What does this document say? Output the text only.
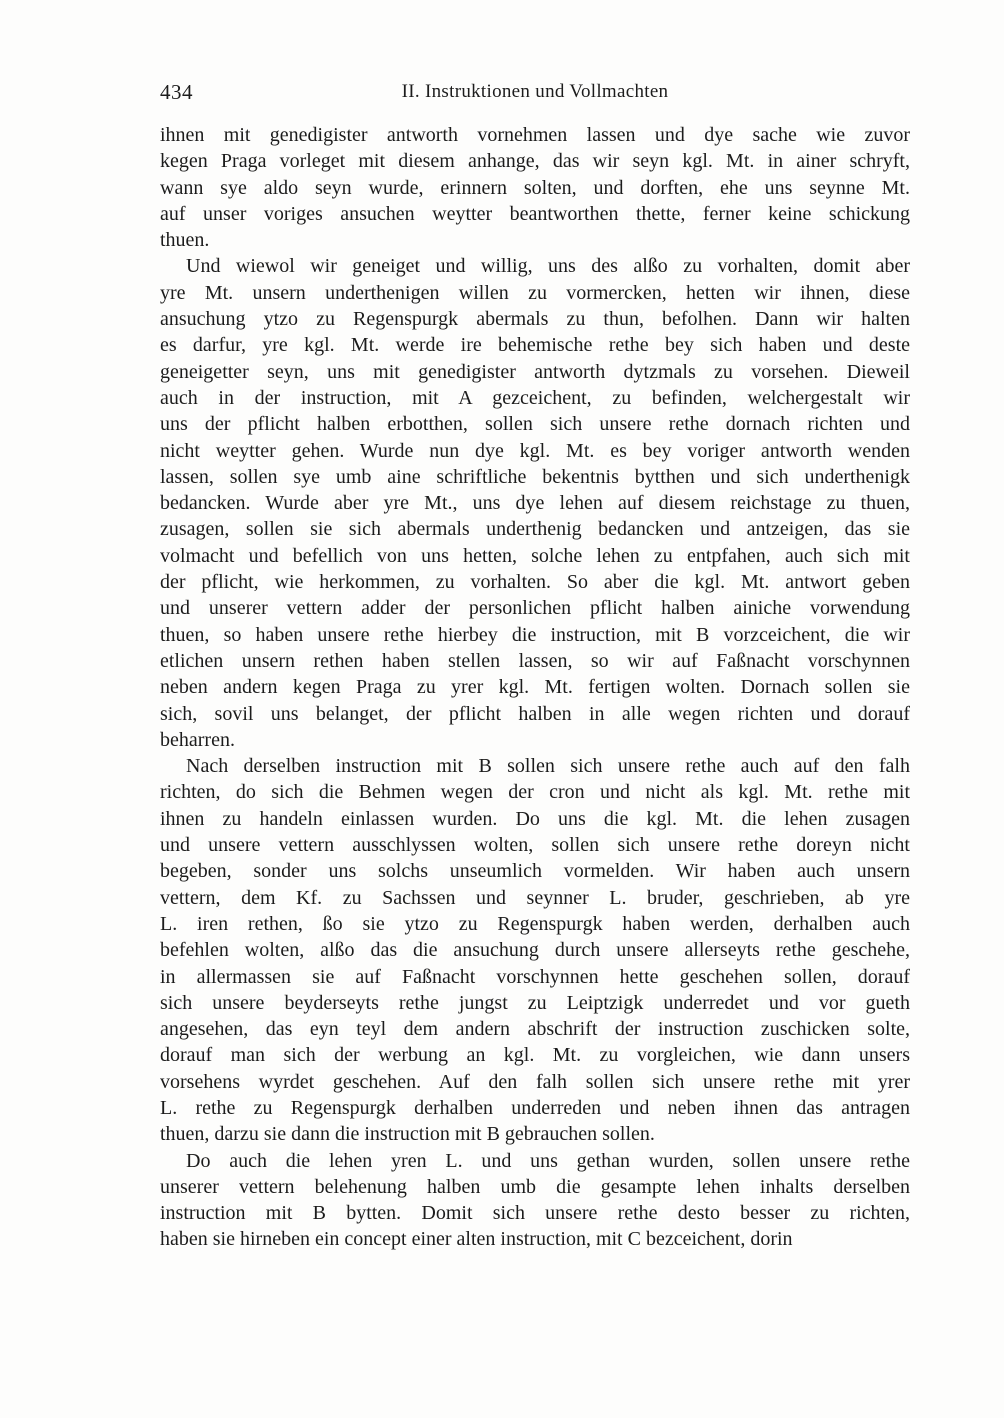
434	II. Instruktionen und Vollmachten
ihnen mit genedigister antworth vornehmen lassen und dye sache wie zuvor
kegen Praga vorleget mit diesem anhange, das wir seyn kgl. Mt. in ainer schryft,
wann sye aldo seyn wurde, erinnern solten, und dorften, ehe uns seynne Mt.
auf unser voriges ansuchen weytter beantworthen thette, ferner keine schickung
thuen.
Und wiewol wir geneiget und willig, uns des alßo zu vorhalten, domit aber
yre Mt. unsern underthenigen willen zu vormercken, hetten wir ihnen, diese
ansuchung ytzo zu Regenspurgk abermals zu thun, befolhen. Dann wir halten
es darfur, yre kgl. Mt. werde ire behemische rethe bey sich haben und deste
geneigetter seyn, uns mit genedigister antworth dytzmals zu vorsehen. Dieweil
auch in der instruction, mit A gezceichent, zu befinden, welchergestalt wir
uns der pflicht halben erbotthen, sollen sich unsere rethe dornach richten und
nicht weytter gehen. Wurde nun dye kgl. Mt. es bey voriger antworth wenden
lassen, sollen sye umb aine schriftliche bekentnis bytthen und sich underthenigk
bedancken. Wurde aber yre Mt., uns dye lehen auf diesem reichstage zu thuen,
zusagen, sollen sie sich abermals underthenig bedancken und antzeigen, das sie
volmacht und befellich von uns hetten, solche lehen zu entpfahen, auch sich mit
der pflicht, wie herkommen, zu vorhalten. So aber die kgl. Mt. antwort geben
und unserer vettern adder der personlichen pflicht halben ainiche vorwendung
thuen, so haben unsere rethe hierbey die instruction, mit B vorzceichent, die wir
etlichen unsern rethen haben stellen lassen, so wir auf Faßnacht vorschynnen
neben andern kegen Praga zu yrer kgl. Mt. fertigen wolten. Dornach sollen sie
sich, sovil uns belanget, der pflicht halben in alle wegen richten und dorauf
beharren.
Nach derselben instruction mit B sollen sich unsere rethe auch auf den falh
richten, do sich die Behmen wegen der cron und nicht als kgl. Mt. rethe mit
ihnen zu handeln einlassen wurden. Do uns die kgl. Mt. die lehen zusagen
und unsere vettern ausschlyssen wolten, sollen sich unsere rethe doreyn nicht
begeben, sonder uns solchs unseumlich vormelden. Wir haben auch unsern
vettern, dem Kf. zu Sachssen und seynner L. bruder, geschrieben, ab yre
L. iren rethen, ßo sie ytzo zu Regenspurgk haben werden, derhalben auch
befehlen wolten, alßo das die ansuchung durch unsere allerseyts rethe geschehe,
in allermassen sie auf Faßnacht vorschynnen hette geschehen sollen, dorauf
sich unsere beyderseyts rethe jungst zu Leiptzigk underredet und vor gueth
angesehen, das eyn teyl dem andern abschrift der instruction zuschicken solte,
dorauf man sich der werbung an kgl. Mt. zu vorgleichen, wie dann unsers
vorsehens wyrdet geschehen. Auf den falh sollen sich unsere rethe mit yrer
L. rethe zu Regenspurgk derhalben underreden und neben ihnen das antragen
thuen, darzu sie dann die instruction mit B gebrauchen sollen.
Do auch die lehen yren L. und uns gethan wurden, sollen unsere rethe
unserer vettern belehenung halben umb die gesampte lehen inhalts derselben
instruction mit B bytten. Domit sich unsere rethe desto besser zu richten,
haben sie hirneben ein concept einer alten instruction, mit C bezceichent, dorin
